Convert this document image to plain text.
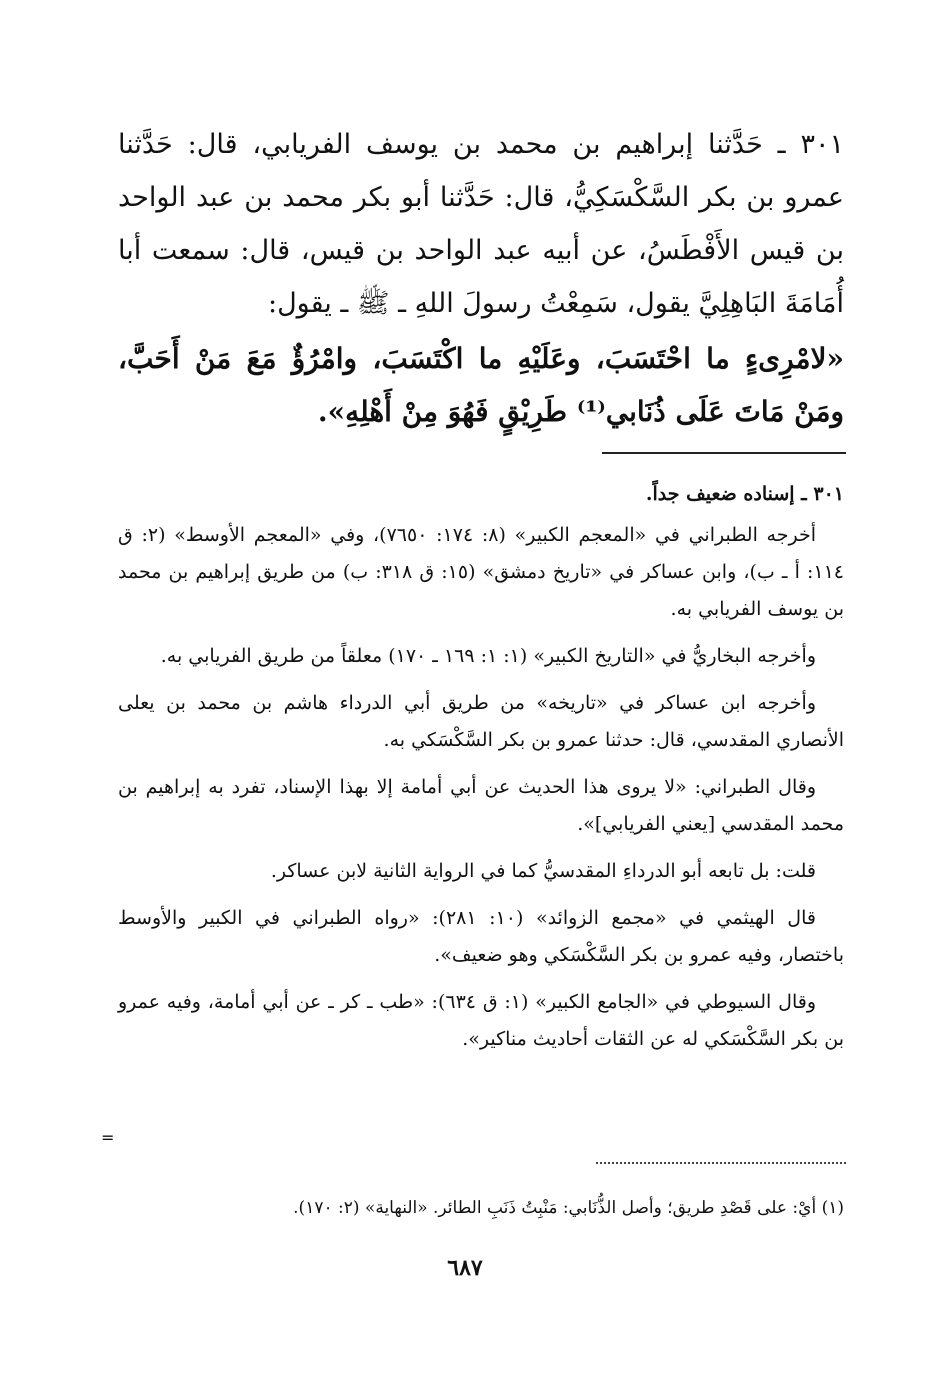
٣٠١ ـ حَدَّثنا إبراهيم بن محمد بن يوسف الفريابي، قال: حَدَّثنا عمرو بن بكر السَّكْسَكِيُّ، قال: حَدَّثنا أبو بكر محمد بن عبد الواحد بن قيس الأَفْطَسُ، عن أبيه عبد الواحد بن قيس، قال: سمعت أبا أُمَامَةَ البَاهِلِيَّ يقول، سَمِعْتُ رسولَ اللهِ ـ ﷺ ـ يقول:

«لامْرِىءٍ ما احْتَسَبَ، وعَلَيْهِ ما اكْتَسَبَ، وامْرُؤٌ مَعَ مَنْ أَحَبَّ، ومَنْ مَاتَ عَلَى ذُنَابي⁽¹⁾ طَرِيْقٍ فَهُوَ مِنْ أَهْلِهِ».

٣٠١ ـ إسناده ضعيف جداً.

أخرجه الطبراني في «المعجم الكبير» (٨: ١٧٤: ٧٦٥٠)، وفي «المعجم الأوسط» (٢: ق ١١٤: أ ـ ب)، وابن عساكر في «تاريخ دمشق» (١٥: ق ٣١٨: ب) من طريق إبراهيم بن محمد بن يوسف الفريابي به.

وأخرجه البخاريُّ في «التاريخ الكبير» (١: ١: ١٦٩ ـ ١٧٠) معلقاً من طريق الفريابي به.

وأخرجه ابن عساكر في «تاريخه» من طريق أبي الدرداء هاشم بن محمد بن يعلى الأنصاري المقدسي، قال: حدثنا عمرو بن بكر السَّكْسَكي به.

وقال الطبراني: «لا يروى هذا الحديث عن أبي أمامة إلا بهذا الإسناد، تفرد به إبراهيم بن محمد المقدسي [يعني الفريابي]».

قلت: بل تابعه أبو الدرداءِ المقدسيُّ كما في الرواية الثانية لابن عساكر.

قال الهيثمي في «مجمع الزوائد» (١٠: ٢٨١): «رواه الطبراني في الكبير والأوسط باختصار، وفيه عمرو بن بكر السَّكْسَكي وهو ضعيف».

وقال السيوطي في «الجامع الكبير» (١: ق ٦٣٤): «طب ـ كر ـ عن أبي أمامة، وفيه عمرو بن بكر السَّكْسَكي له عن الثقات أحاديث مناكير».

=

(١) أيْ: على قَصْدِ طريق؛ وأصل الذُّنَابي: مَنْبِتُ ذَنَبِ الطائر. «النهاية» (٢: ١٧٠).

٦٨٧
